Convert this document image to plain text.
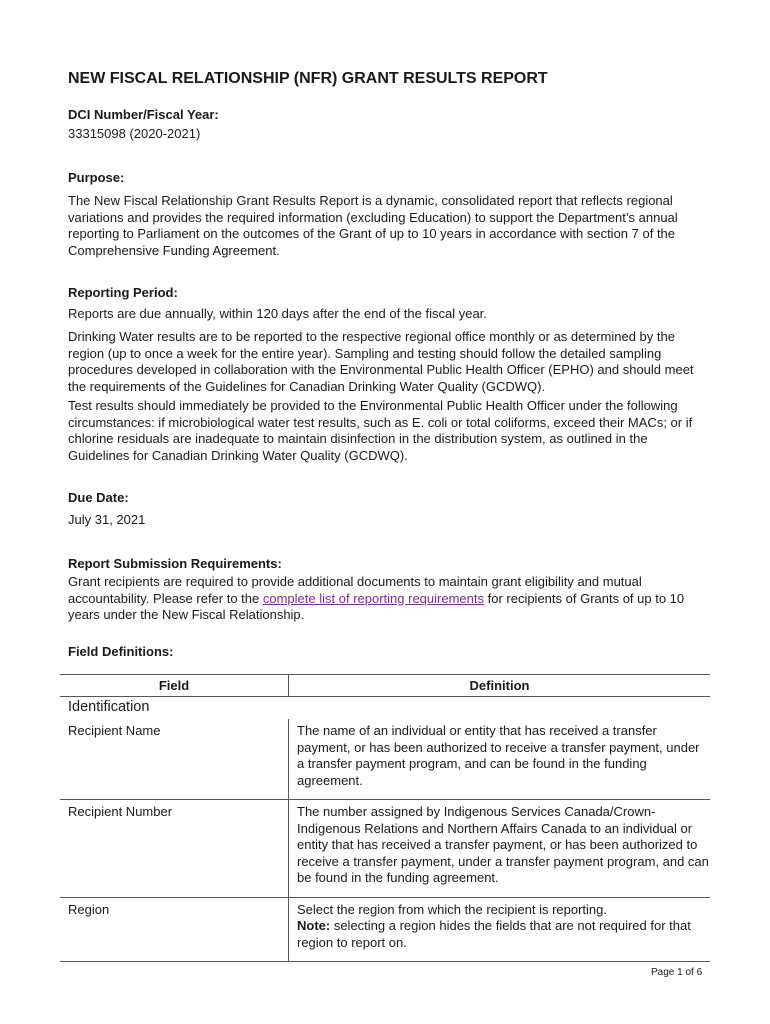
NEW FISCAL RELATIONSHIP (NFR) GRANT RESULTS REPORT
DCI Number/Fiscal Year:
33315098 (2020-2021)
Purpose:

The New Fiscal Relationship Grant Results Report is a dynamic, consolidated report that reflects regional variations and provides the required information (excluding Education) to support the Department’s annual reporting to Parliament on the outcomes of the Grant of up to 10 years in accordance with section 7 of the Comprehensive Funding Agreement.

Reporting Period:

Reports are due annually, within 120 days after the end of the fiscal year.

Drinking Water results are to be reported to the respective regional office monthly or as determined by the region (up to once a week for the entire year). Sampling and testing should follow the detailed sampling procedures developed in collaboration with the Environmental Public Health Officer (EPHO) and should meet the requirements of the Guidelines for Canadian Drinking Water Quality (GCDWQ).

Test results should immediately be provided to the Environmental Public Health Officer under the following circumstances: if microbiological water test results, such as E. coli or total coliforms, exceed their MACs; or if chlorine residuals are inadequate to maintain disinfection in the distribution system, as outlined in the Guidelines for Canadian Drinking Water Quality (GCDWQ).

Due Date:
July 31, 2021
Report Submission Requirements:

Grant recipients are required to provide additional documents to maintain grant eligibility and mutual accountability. Please refer to the complete list of reporting requirements for recipients of Grants of up to 10 years under the New Fiscal Relationship.

Field Definitions:
Field	Definition
Identification	
Recipient Name	The name of an individual or entity that has received a transfer payment, or has been authorized to receive a transfer payment, under a transfer payment program, and can be found in the funding agreement.
Recipient Number	The number assigned by Indigenous Services Canada/Crown-Indigenous Relations and Northern Affairs Canada to an individual or entity that has received a transfer payment, or has been authorized to receive a transfer payment, under a transfer payment program, and can be found in the funding agreement.
Region	Select the region from which the recipient is reporting.
Note: selecting a region hides the fields that are not required for that region to report on.
Page 1 of 6
